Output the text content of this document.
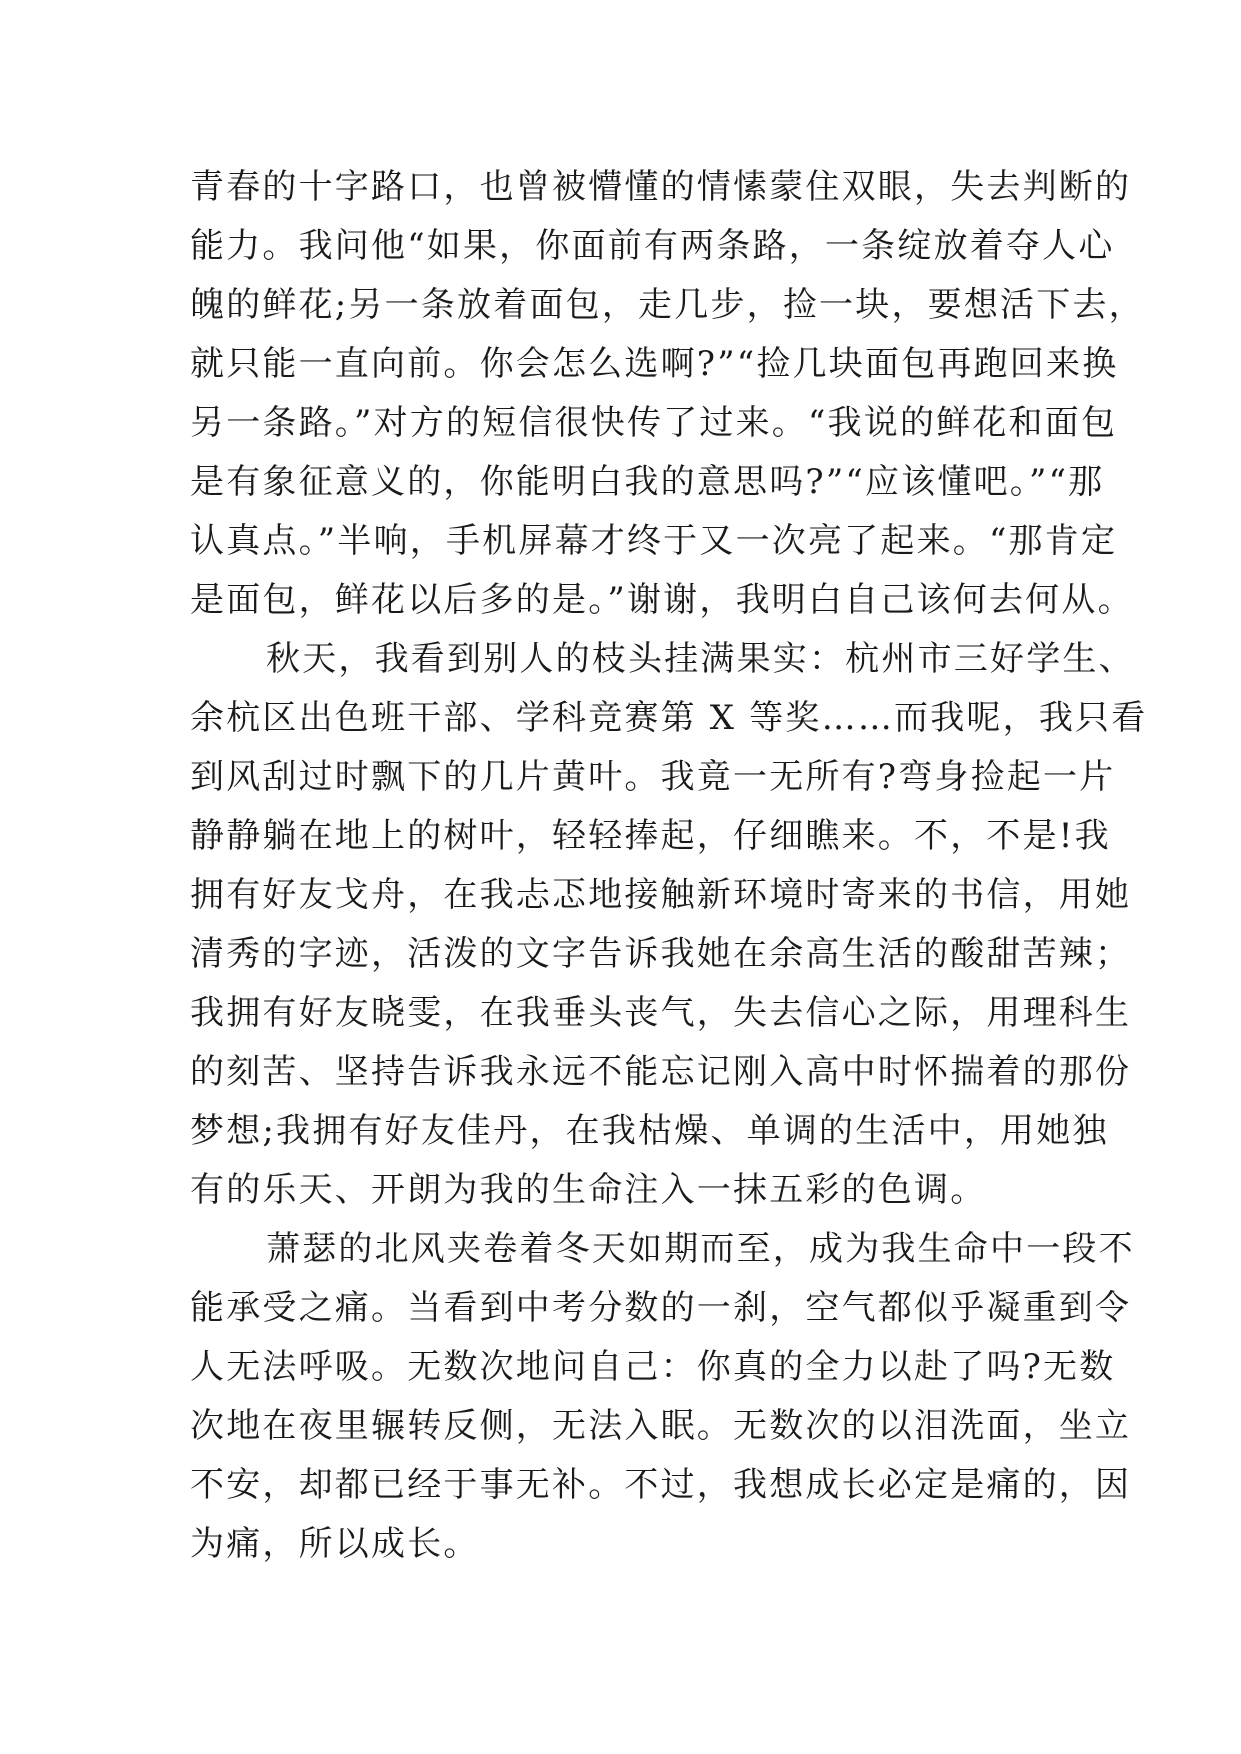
青春的十字路口，也曾被懵懂的情愫蒙住双眼，失去判断的
能力。我问他“如果，你面前有两条路，一条绽放着夺人心
魄的鲜花;另一条放着面包，走几步，捡一块，要想活下去，
就只能一直向前。你会怎么选啊?”“捡几块面包再跑回来换
另一条路。”对方的短信很快传了过来。“我说的鲜花和面包
是有象征意义的，你能明白我的意思吗?”“应该懂吧。”“那
认真点。”半响，手机屏幕才终于又一次亮了起来。“那肯定
是面包，鲜花以后多的是。”谢谢，我明白自己该何去何从。
秋天，我看到别人的枝头挂满果实：杭州市三好学生、
余杭区出色班干部、学科竞赛第 X 等奖……而我呢，我只看
到风刮过时飘下的几片黄叶。我竟一无所有?弯身捡起一片
静静躺在地上的树叶，轻轻捧起，仔细瞧来。不，不是!我
拥有好友戈舟，在我忐忑地接触新环境时寄来的书信，用她
清秀的字迹，活泼的文字告诉我她在余高生活的酸甜苦辣；
我拥有好友晓雯，在我垂头丧气，失去信心之际，用理科生
的刻苦、坚持告诉我永远不能忘记刚入高中时怀揣着的那份
梦想;我拥有好友佳丹，在我枯燥、单调的生活中，用她独
有的乐天、开朗为我的生命注入一抹五彩的色调。
萧瑟的北风夹卷着冬天如期而至，成为我生命中一段不
能承受之痛。当看到中考分数的一刹，空气都似乎凝重到令
人无法呼吸。无数次地问自己：你真的全力以赴了吗?无数
次地在夜里辗转反侧，无法入眠。无数次的以泪洗面，坐立
不安，却都已经于事无补。不过，我想成长必定是痛的，因
为痛，所以成长。
